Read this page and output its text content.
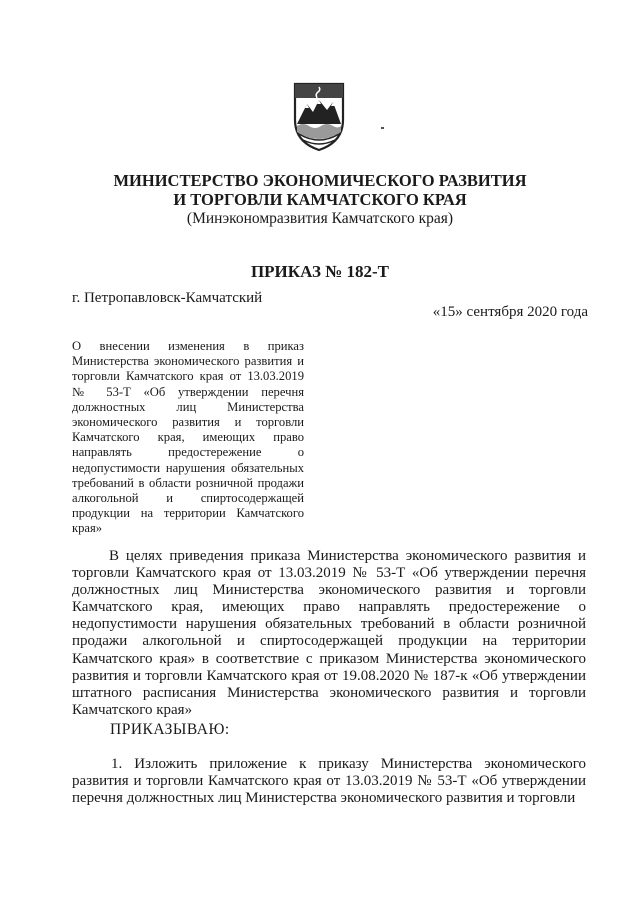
МИНИСТЕРСТВО ЭКОНОМИЧЕСКОГО РАЗВИТИЯ
И ТОРГОВЛИ КАМЧАТСКОГО КРАЯ
(Минэкономразвития Камчатского края)
ПРИКАЗ № 182-Т
г. Петропавловск-Камчатский
«15» сентября 2020 года
О внесении изменения в приказ Министерства экономического развития и торговли Камчатского края от 13.03.2019 № 53-Т «Об утверждении перечня должностных лиц Министерства экономического развития и торговли Камчатского края, имеющих право направлять предостережение о недопустимости нарушения обязательных требований в области розничной продажи алкогольной и спиртосодержащей продукции на территории Камчатского края»
В целях приведения приказа Министерства экономического развития и торговли Камчатского края от 13.03.2019 № 53-Т «Об утверждении перечня должностных лиц Министерства экономического развития и торговли Камчатского края, имеющих право направлять предостережение о недопустимости нарушения обязательных требований в области розничной продажи алкогольной и спиртосодержащей продукции на территории Камчатского края» в соответствие с приказом Министерства экономического развития и торговли Камчатского края от 19.08.2020 № 187-к «Об утверждении штатного расписания Министерства экономического развития и торговли Камчатского края»
ПРИКАЗЫВАЮ:
1. Изложить приложение к приказу Министерства экономического развития и торговли Камчатского края от 13.03.2019 № 53-Т «Об утверждении перечня должностных лиц Министерства экономического развития и торговли
